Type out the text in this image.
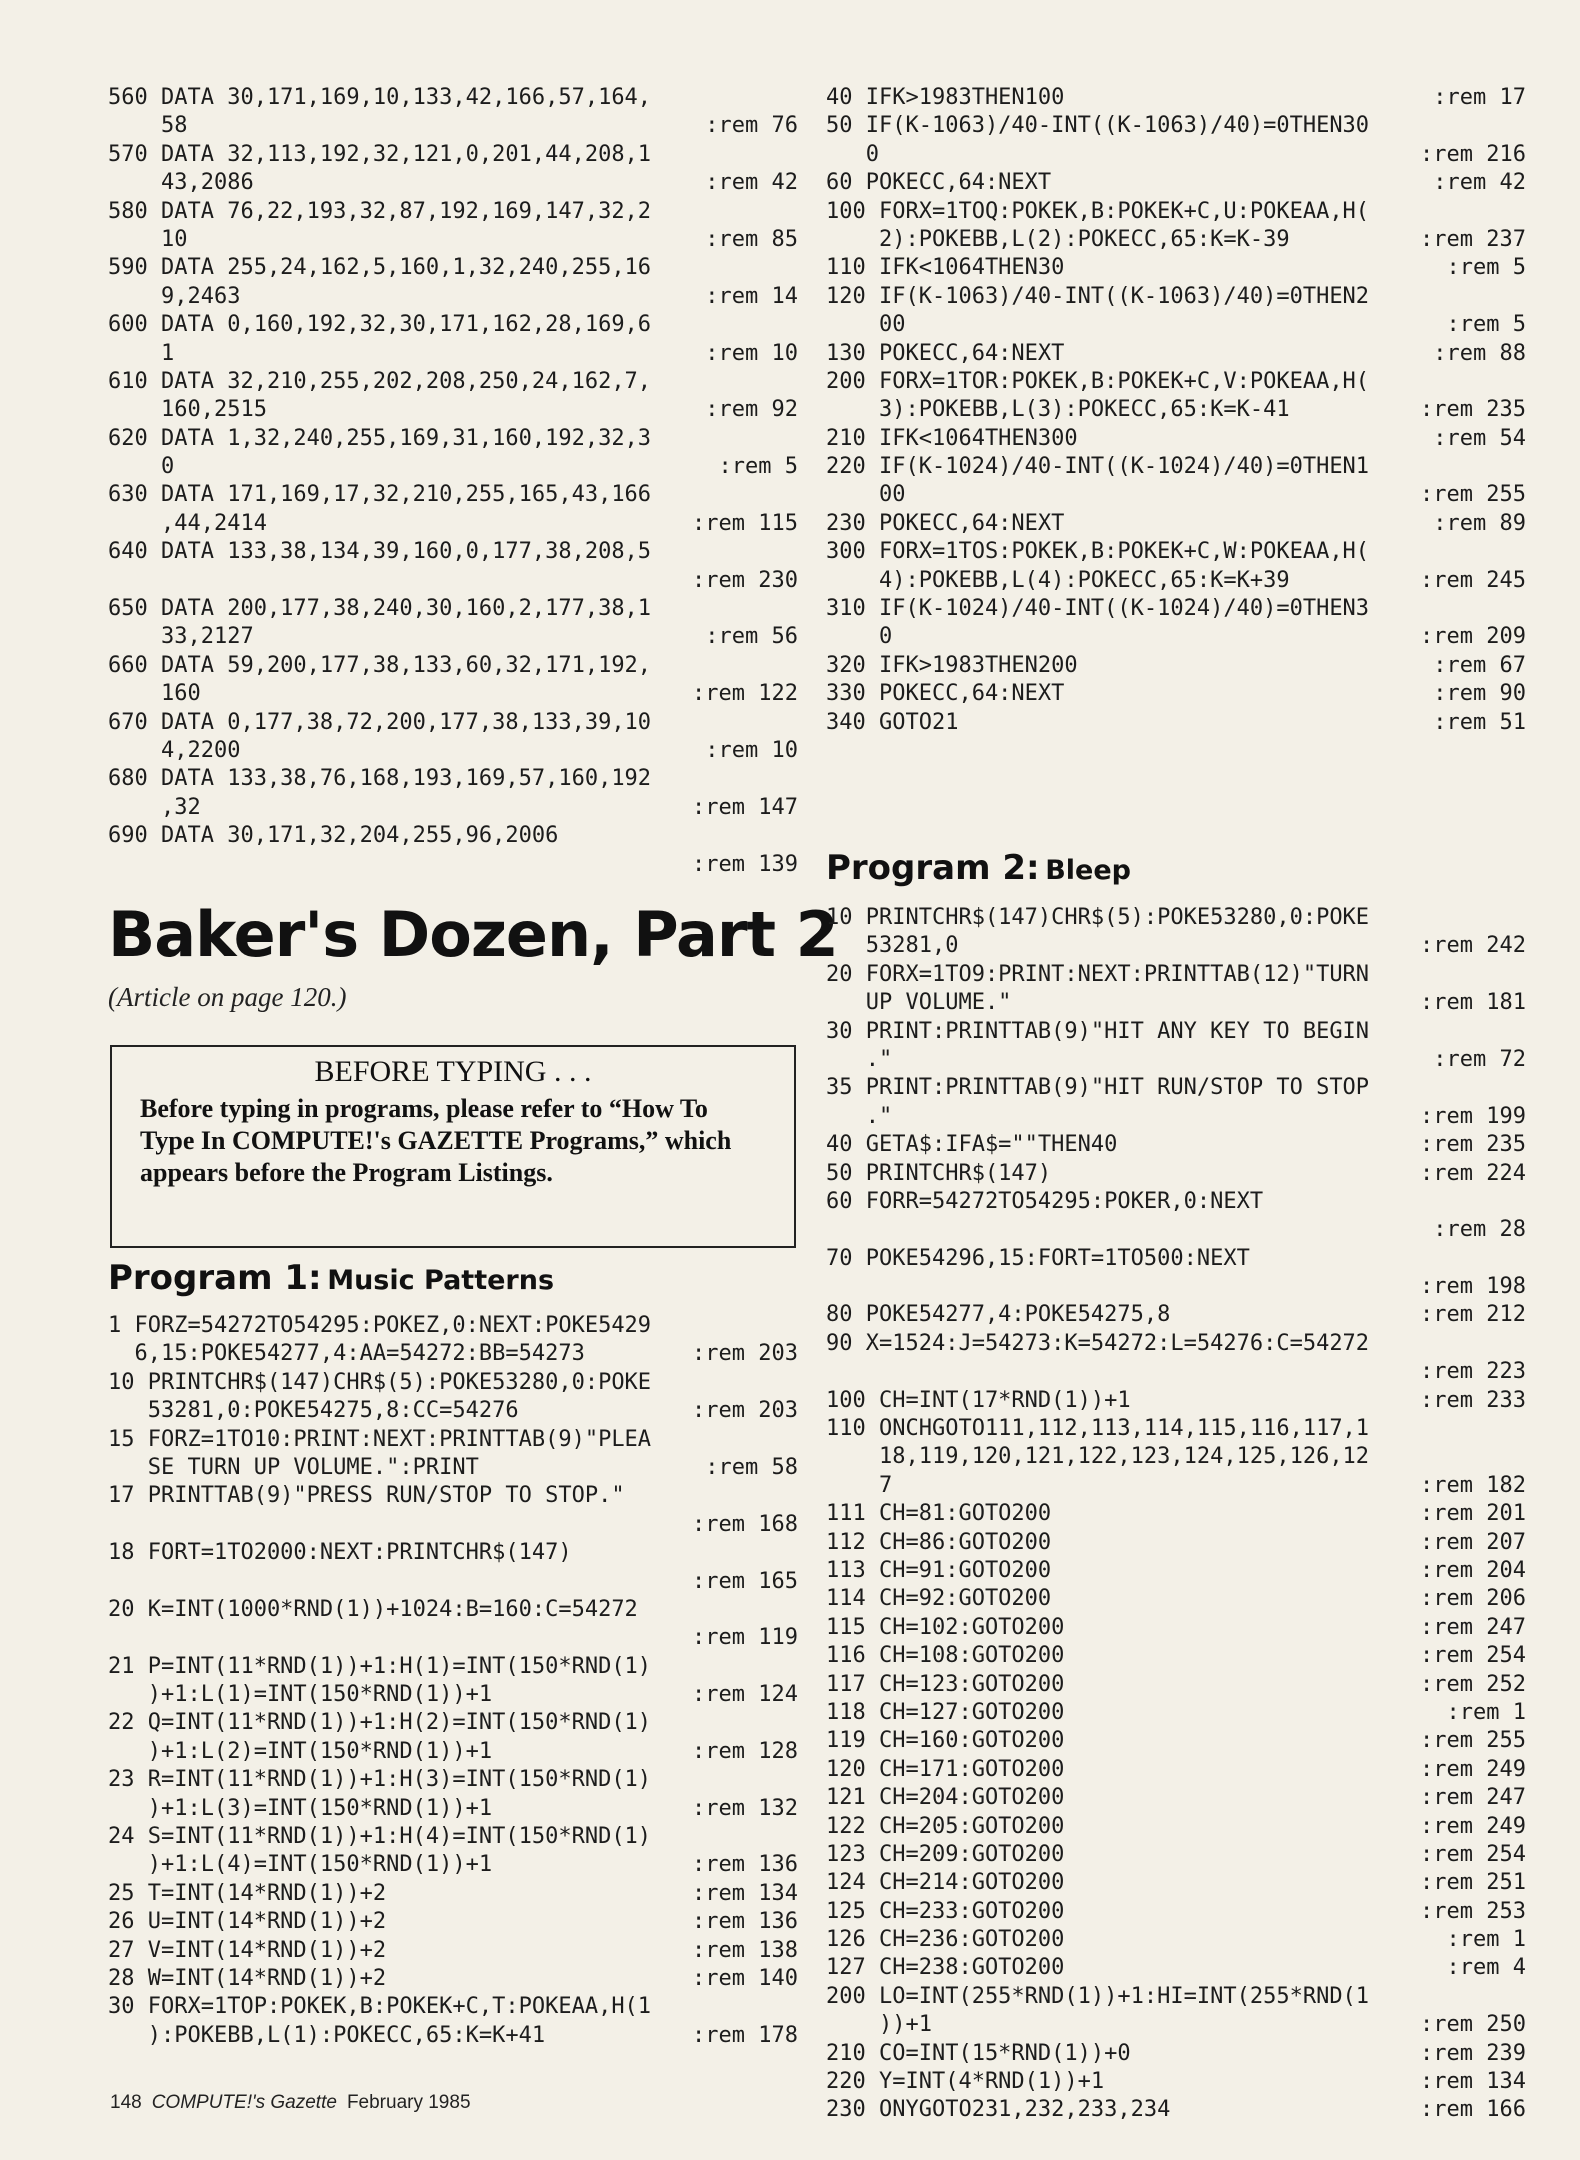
560 DATA 30,171,169,10,133,42,166,57,164,
58	:rem 76
570 DATA 32,113,192,32,121,0,201,44,208,1
43,2086	:rem 42
580 DATA 76,22,193,32,87,192,169,147,32,2
10	:rem 85
590 DATA 255,24,162,5,160,1,32,240,255,16
9,2463	:rem 14
600 DATA 0,160,192,32,30,171,162,28,169,6
1	:rem 10
610 DATA 32,210,255,202,208,250,24,162,7,
160,2515	:rem 92
620 DATA 1,32,240,255,169,31,160,192,32,3
0	:rem 5
630 DATA 171,169,17,32,210,255,165,43,166
,44,2414	:rem 115
640 DATA 133,38,134,39,160,0,177,38,208,5
:rem 230
650 DATA 200,177,38,240,30,160,2,177,38,1
33,2127	:rem 56
660 DATA 59,200,177,38,133,60,32,171,192,
160	:rem 122
670 DATA 0,177,38,72,200,177,38,133,39,10
4,2200	:rem 10
680 DATA 133,38,76,168,193,169,57,160,192
,32	:rem 147
690 DATA 30,171,32,204,255,96,2006
:rem 139
Baker's Dozen, Part 2

(Article on page 120.)

BEFORE TYPING . . .
Before typing in programs, please refer to “How To Type In COMPUTE!'s GAZETTE Programs,” which appears before the Program Listings.
Program 1: Music Patterns
1 FORZ=54272TO54295:POKEZ,0:NEXT:POKE5429
6,15:POKE54277,4:AA=54272:BB=54273	:rem 203
10 PRINTCHR$(147)CHR$(5):POKE53280,0:POKE
53281,0:POKE54275,8:CC=54276	:rem 203
15 FORZ=1TO10:PRINT:NEXT:PRINTTAB(9)"PLEA
SE TURN UP VOLUME.":PRINT	:rem 58
17 PRINTTAB(9)"PRESS RUN/STOP TO STOP."
:rem 168
18 FORT=1TO2000:NEXT:PRINTCHR$(147)
:rem 165
20 K=INT(1000*RND(1))+1024:B=160:C=54272
:rem 119
21 P=INT(11*RND(1))+1:H(1)=INT(150*RND(1)
)+1:L(1)=INT(150*RND(1))+1	:rem 124
22 Q=INT(11*RND(1))+1:H(2)=INT(150*RND(1)
)+1:L(2)=INT(150*RND(1))+1	:rem 128
23 R=INT(11*RND(1))+1:H(3)=INT(150*RND(1)
)+1:L(3)=INT(150*RND(1))+1	:rem 132
24 S=INT(11*RND(1))+1:H(4)=INT(150*RND(1)
)+1:L(4)=INT(150*RND(1))+1	:rem 136
25 T=INT(14*RND(1))+2	:rem 134
26 U=INT(14*RND(1))+2	:rem 136
27 V=INT(14*RND(1))+2	:rem 138
28 W=INT(14*RND(1))+2	:rem 140
30 FORX=1TOP:POKEK,B:POKEK+C,T:POKEAA,H(1
):POKEBB,L(1):POKECC,65:K=K+41	:rem 178
40 IFK>1983THEN100	:rem 17
50 IF(K-1063)/40-INT((K-1063)/40)=0THEN30
0	:rem 216
60 POKECC,64:NEXT	:rem 42
100 FORX=1TOQ:POKEK,B:POKEK+C,U:POKEAA,H(
2):POKEBB,L(2):POKECC,65:K=K-39	:rem 237
110 IFK<1064THEN30	:rem 5
120 IF(K-1063)/40-INT((K-1063)/40)=0THEN2
00	:rem 5
130 POKECC,64:NEXT	:rem 88
200 FORX=1TOR:POKEK,B:POKEK+C,V:POKEAA,H(
3):POKEBB,L(3):POKECC,65:K=K-41	:rem 235
210 IFK<1064THEN300	:rem 54
220 IF(K-1024)/40-INT((K-1024)/40)=0THEN1
00	:rem 255
230 POKECC,64:NEXT	:rem 89
300 FORX=1TOS:POKEK,B:POKEK+C,W:POKEAA,H(
4):POKEBB,L(4):POKECC,65:K=K+39	:rem 245
310 IF(K-1024)/40-INT((K-1024)/40)=0THEN3
0	:rem 209
320 IFK>1983THEN200	:rem 67
330 POKECC,64:NEXT	:rem 90
340 GOTO21	:rem 51
Program 2: Bleep
10 PRINTCHR$(147)CHR$(5):POKE53280,0:POKE
53281,0	:rem 242
20 FORX=1TO9:PRINT:NEXT:PRINTTAB(12)"TURN
UP VOLUME."	:rem 181
30 PRINT:PRINTTAB(9)"HIT ANY KEY TO BEGIN
."	:rem 72
35 PRINT:PRINTTAB(9)"HIT RUN/STOP TO STOP
."	:rem 199
40 GETA$:IFA$=""THEN40	:rem 235
50 PRINTCHR$(147)	:rem 224
60 FORR=54272TO54295:POKER,0:NEXT
:rem 28
70 POKE54296,15:FORT=1TO500:NEXT
:rem 198
80 POKE54277,4:POKE54275,8	:rem 212
90 X=1524:J=54273:K=54272:L=54276:C=54272
:rem 223
100 CH=INT(17*RND(1))+1	:rem 233
110 ONCHGOTO111,112,113,114,115,116,117,1
18,119,120,121,122,123,124,125,126,12
7	:rem 182
111 CH=81:GOTO200	:rem 201
112 CH=86:GOTO200	:rem 207
113 CH=91:GOTO200	:rem 204
114 CH=92:GOTO200	:rem 206
115 CH=102:GOTO200	:rem 247
116 CH=108:GOTO200	:rem 254
117 CH=123:GOTO200	:rem 252
118 CH=127:GOTO200	:rem 1
119 CH=160:GOTO200	:rem 255
120 CH=171:GOTO200	:rem 249
121 CH=204:GOTO200	:rem 247
122 CH=205:GOTO200	:rem 249
123 CH=209:GOTO200	:rem 254
124 CH=214:GOTO200	:rem 251
125 CH=233:GOTO200	:rem 253
126 CH=236:GOTO200	:rem 1
127 CH=238:GOTO200	:rem 4
200 LO=INT(255*RND(1))+1:HI=INT(255*RND(1
))+1	:rem 250
210 CO=INT(15*RND(1))+0	:rem 239
220 Y=INT(4*RND(1))+1	:rem 134
230 ONYGOTO231,232,233,234	:rem 166
148 COMPUTE!'s Gazette February 1985
